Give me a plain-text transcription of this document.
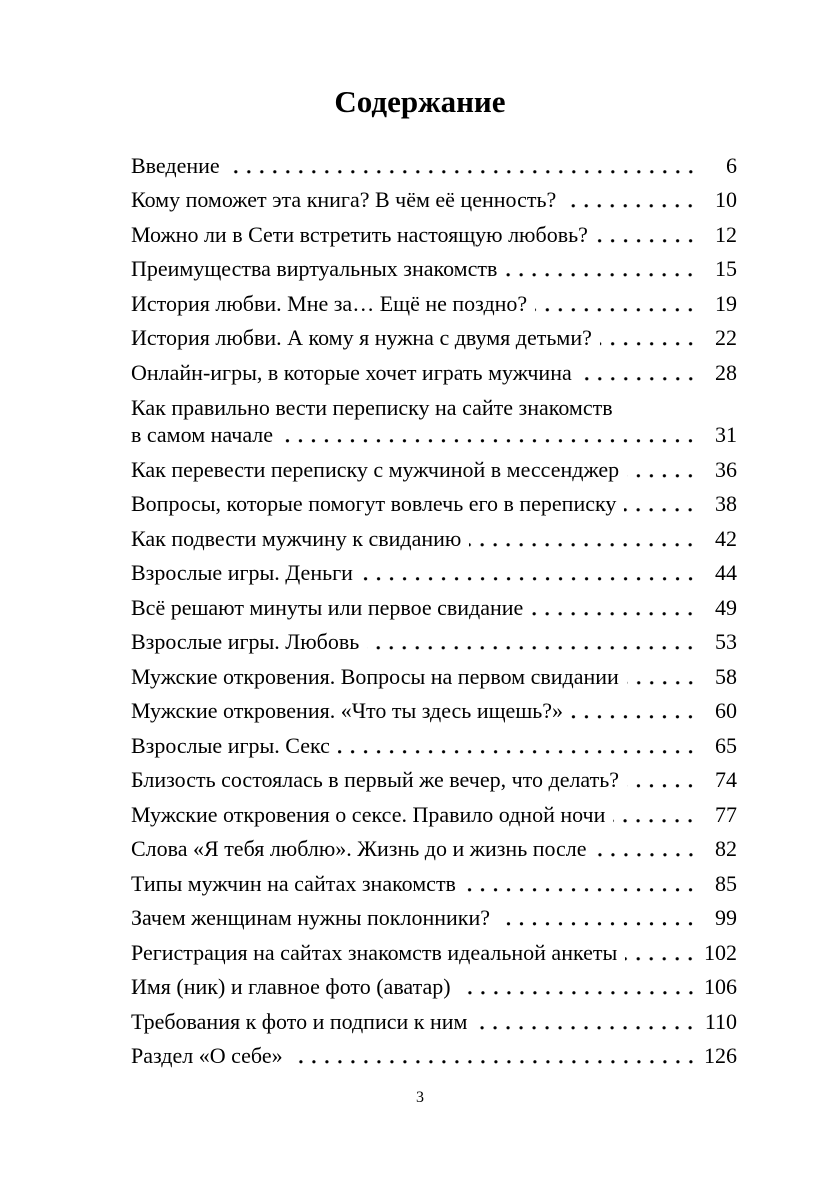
Содержание
Введение	6
Кому поможет эта книга? В чём её ценность?	10
Можно ли в Сети встретить настоящую любовь?	12
Преимущества виртуальных знакомств	15
История любви. Мне за… Ещё не поздно?	19
История любви. А кому я нужна с двумя детьми?	22
Онлайн-игры, в которые хочет играть мужчина	28
Как правильно вести переписку на сайте знакомств
в самом начале	31
Как перевести переписку с мужчиной в мессенджер	36
Вопросы, которые помогут вовлечь его в переписку	38
Как подвести мужчину к свиданию	42
Взрослые игры. Деньги	44
Всё решают минуты или первое свидание	49
Взрослые игры. Любовь	53
Мужские откровения. Вопросы на первом свидании	58
Мужские откровения. «Что ты здесь ищешь?»	60
Взрослые игры. Секс	65
Близость состоялась в первый же вечер, что делать?	74
Мужские откровения о сексе. Правило одной ночи	77
Слова «Я тебя люблю». Жизнь до и жизнь после	82
Типы мужчин на сайтах знакомств	85
Зачем женщинам нужны поклонники?	99
Регистрация на сайтах знакомств идеальной анкеты	102
Имя (ник) и главное фото (аватар)	106
Требования к фото и подписи к ним	110
Раздел «О себе»	126
3
